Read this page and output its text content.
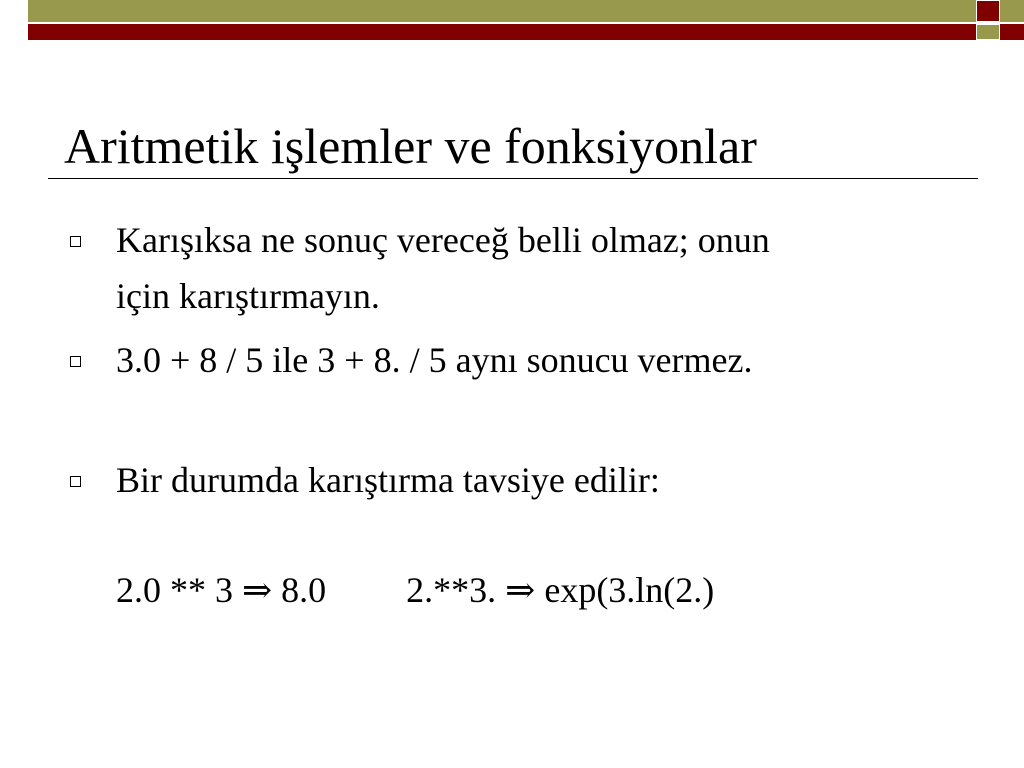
Aritmetik işlemler ve fonksiyonlar
Karışıksa ne sonuç vereceğ belli olmaz; onun
için karıştırmayın.
3.0 + 8 / 5 ile 3 + 8. / 5 aynı sonucu vermez.
Bir durumda karıştırma tavsiye edilir:
2.0 ** 3 ⇒ 8.0 2.**3. ⇒ exp(3.ln(2.)
